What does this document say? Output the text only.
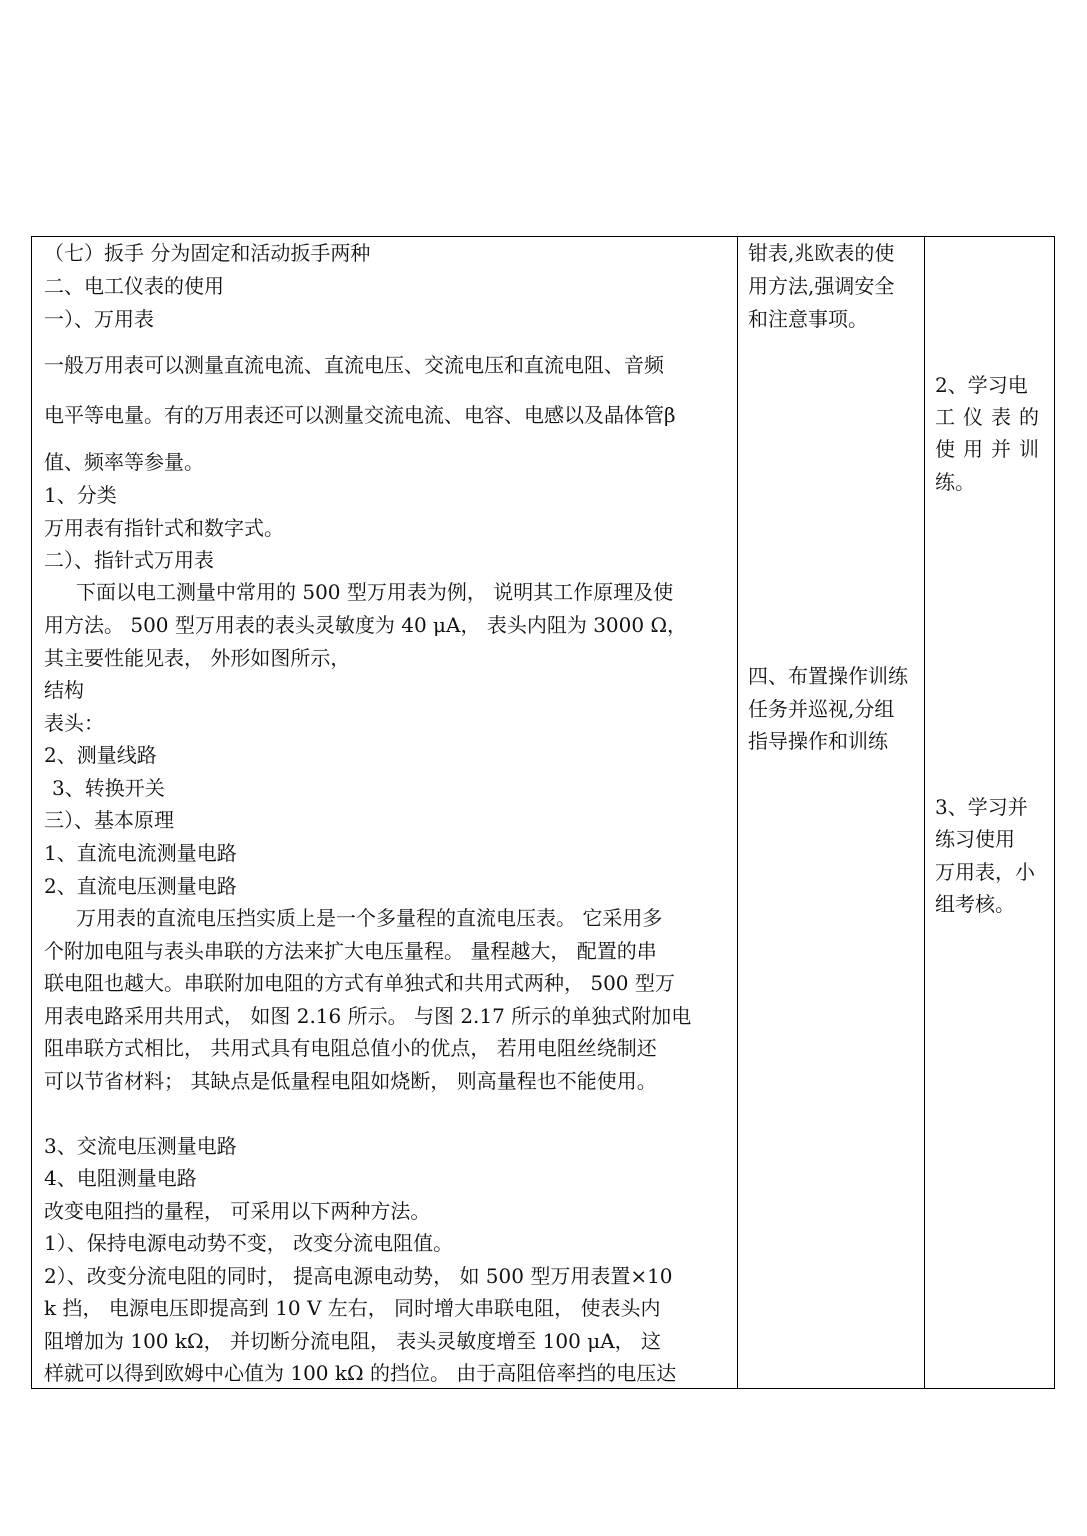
（七）扳手 分为固定和活动扳手两种
二、电工仪表的使用
一）、万用表
一般万用表可以测量直流电流、直流电压、交流电压和直流电阻、音频
电平等电量。有的万用表还可以测量交流电流、电容、电感以及晶体管β
值、频率等参量。
1、分类
万用表有指针式和数字式。
二）、指针式万用表
下面以电工测量中常用的 500 型万用表为例， 说明其工作原理及使
用方法。 500 型万用表的表头灵敏度为 40 μA， 表头内阻为 3000 Ω，
其主要性能见表， 外形如图所示，
结构
表头：
2、测量线路
3、转换开关
三）、基本原理
1、直流电流测量电路
2、直流电压测量电路
万用表的直流电压挡实质上是一个多量程的直流电压表。 它采用多
个附加电阻与表头串联的方法来扩大电压量程。 量程越大， 配置的串
联电阻也越大。串联附加电阻的方式有单独式和共用式两种， 500 型万
用表电路采用共用式， 如图 2.16 所示。 与图 2.17 所示的单独式附加电
阻串联方式相比， 共用式具有电阻总值小的优点， 若用电阻丝绕制还
可以节省材料； 其缺点是低量程电阻如烧断， 则高量程也不能使用。
3、交流电压测量电路
4、电阻测量电路
改变电阻挡的量程， 可采用以下两种方法。
1）、保持电源电动势不变， 改变分流电阻值。
2）、改变分流电阻的同时， 提高电源电动势， 如 500 型万用表置×10
k 挡， 电源电压即提高到 10 V 左右， 同时增大串联电阻， 使表头内
阻增加为 100 kΩ， 并切断分流电阻， 表头灵敏度增至 100 μA， 这
样就可以得到欧姆中心值为 100 kΩ 的挡位。 由于高阻倍率挡的电压达
钳表,兆欧表的使
用方法,强调安全
和注意事项。
四、布置操作训练
任务并巡视,分组
指导操作和训练
2、学习电
工仪表的
使用并训
练。
3、学习并
练习使用
万用表，小
组考核。
